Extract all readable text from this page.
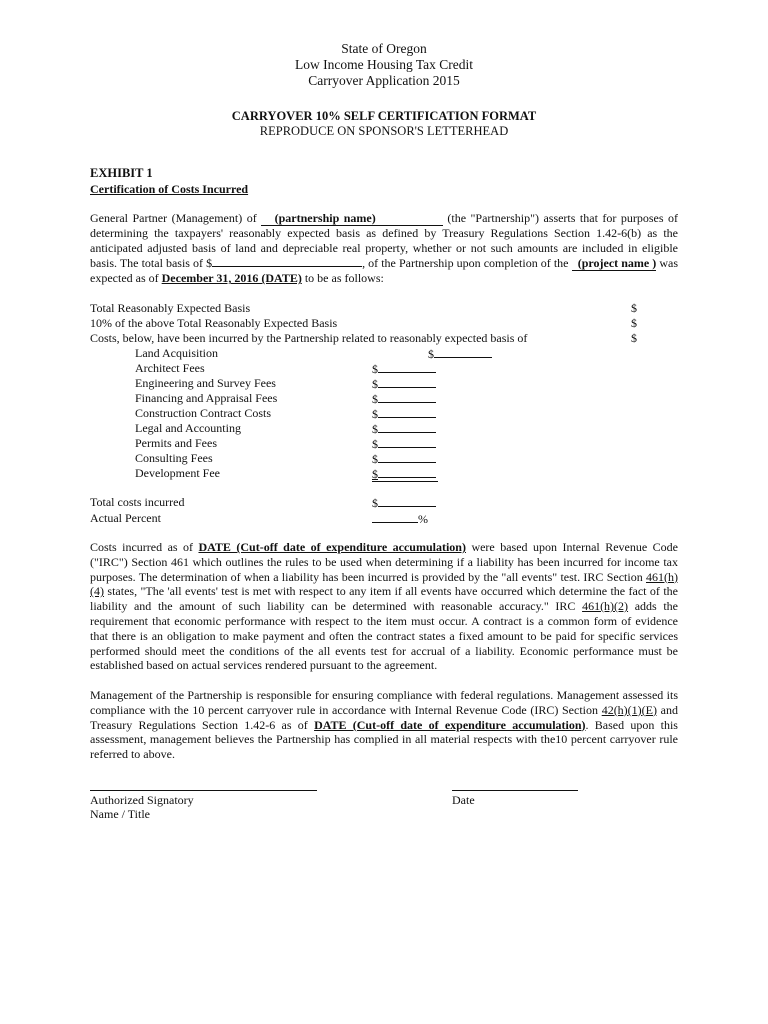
State of Oregon
Low Income Housing Tax Credit
Carryover Application 2015
CARRYOVER 10% SELF CERTIFICATION FORMAT
REPRODUCE ON SPONSOR'S LETTERHEAD
EXHIBIT 1
Certification of Costs Incurred
General Partner (Management) of    (partnership name)	(the "Partnership") asserts that for purposes of determining the taxpayers' reasonably expected basis as defined by Treasury Regulations Section 1.42-6(b) as the anticipated adjusted basis of land and depreciable real property, whether or not such amounts are included in eligible basis. The total basis of $	, of the Partnership upon completion of the   (project name ) was expected as of December 31, 2016 (DATE) to be as follows:
Total Reasonably Expected Basis	$
10% of the above Total Reasonably Expected Basis	$
Costs, below, have been incurred by the Partnership related to reasonably expected basis of	$
Land Acquisition	$
Architect Fees	$
Engineering and Survey Fees	$
Financing and Appraisal Fees	$
Construction Contract Costs	$
Legal and Accounting	$
Permits and Fees	$
Consulting Fees	$
Development Fee	$
Total costs incurred	$
Actual Percent	%
Costs incurred as of DATE (Cut-off date of expenditure accumulation) were based upon Internal Revenue Code ("IRC") Section 461 which outlines the rules to be used when determining if a liability has been incurred for income tax purposes. The determination of when a liability has been incurred is provided by the "all events" test. IRC Section 461(h)(4) states, "The 'all events' test is met with respect to any item if all events have occurred which determine the fact of the liability and the amount of such liability can be determined with reasonable accuracy." IRC 461(h)(2) adds the requirement that economic performance with respect to the item must occur. A contract is a common form of evidence that there is an obligation to make payment and often the contract states a fixed amount to be paid for specific services performed should meet the conditions of the all events test for accrual of a liability. Economic performance must be established based on actual services rendered pursuant to the agreement.
Management of the Partnership is responsible for ensuring compliance with federal regulations. Management assessed its compliance with the 10 percent carryover rule in accordance with Internal Revenue Code (IRC) Section 42(h)(1)(E) and Treasury Regulations Section 1.42-6 as of DATE (Cut-off date of expenditure accumulation). Based upon this assessment, management believes the Partnership has complied in all material respects with the10 percent carryover rule referred to above.
Authorized Signatory	Date
Name / Title
